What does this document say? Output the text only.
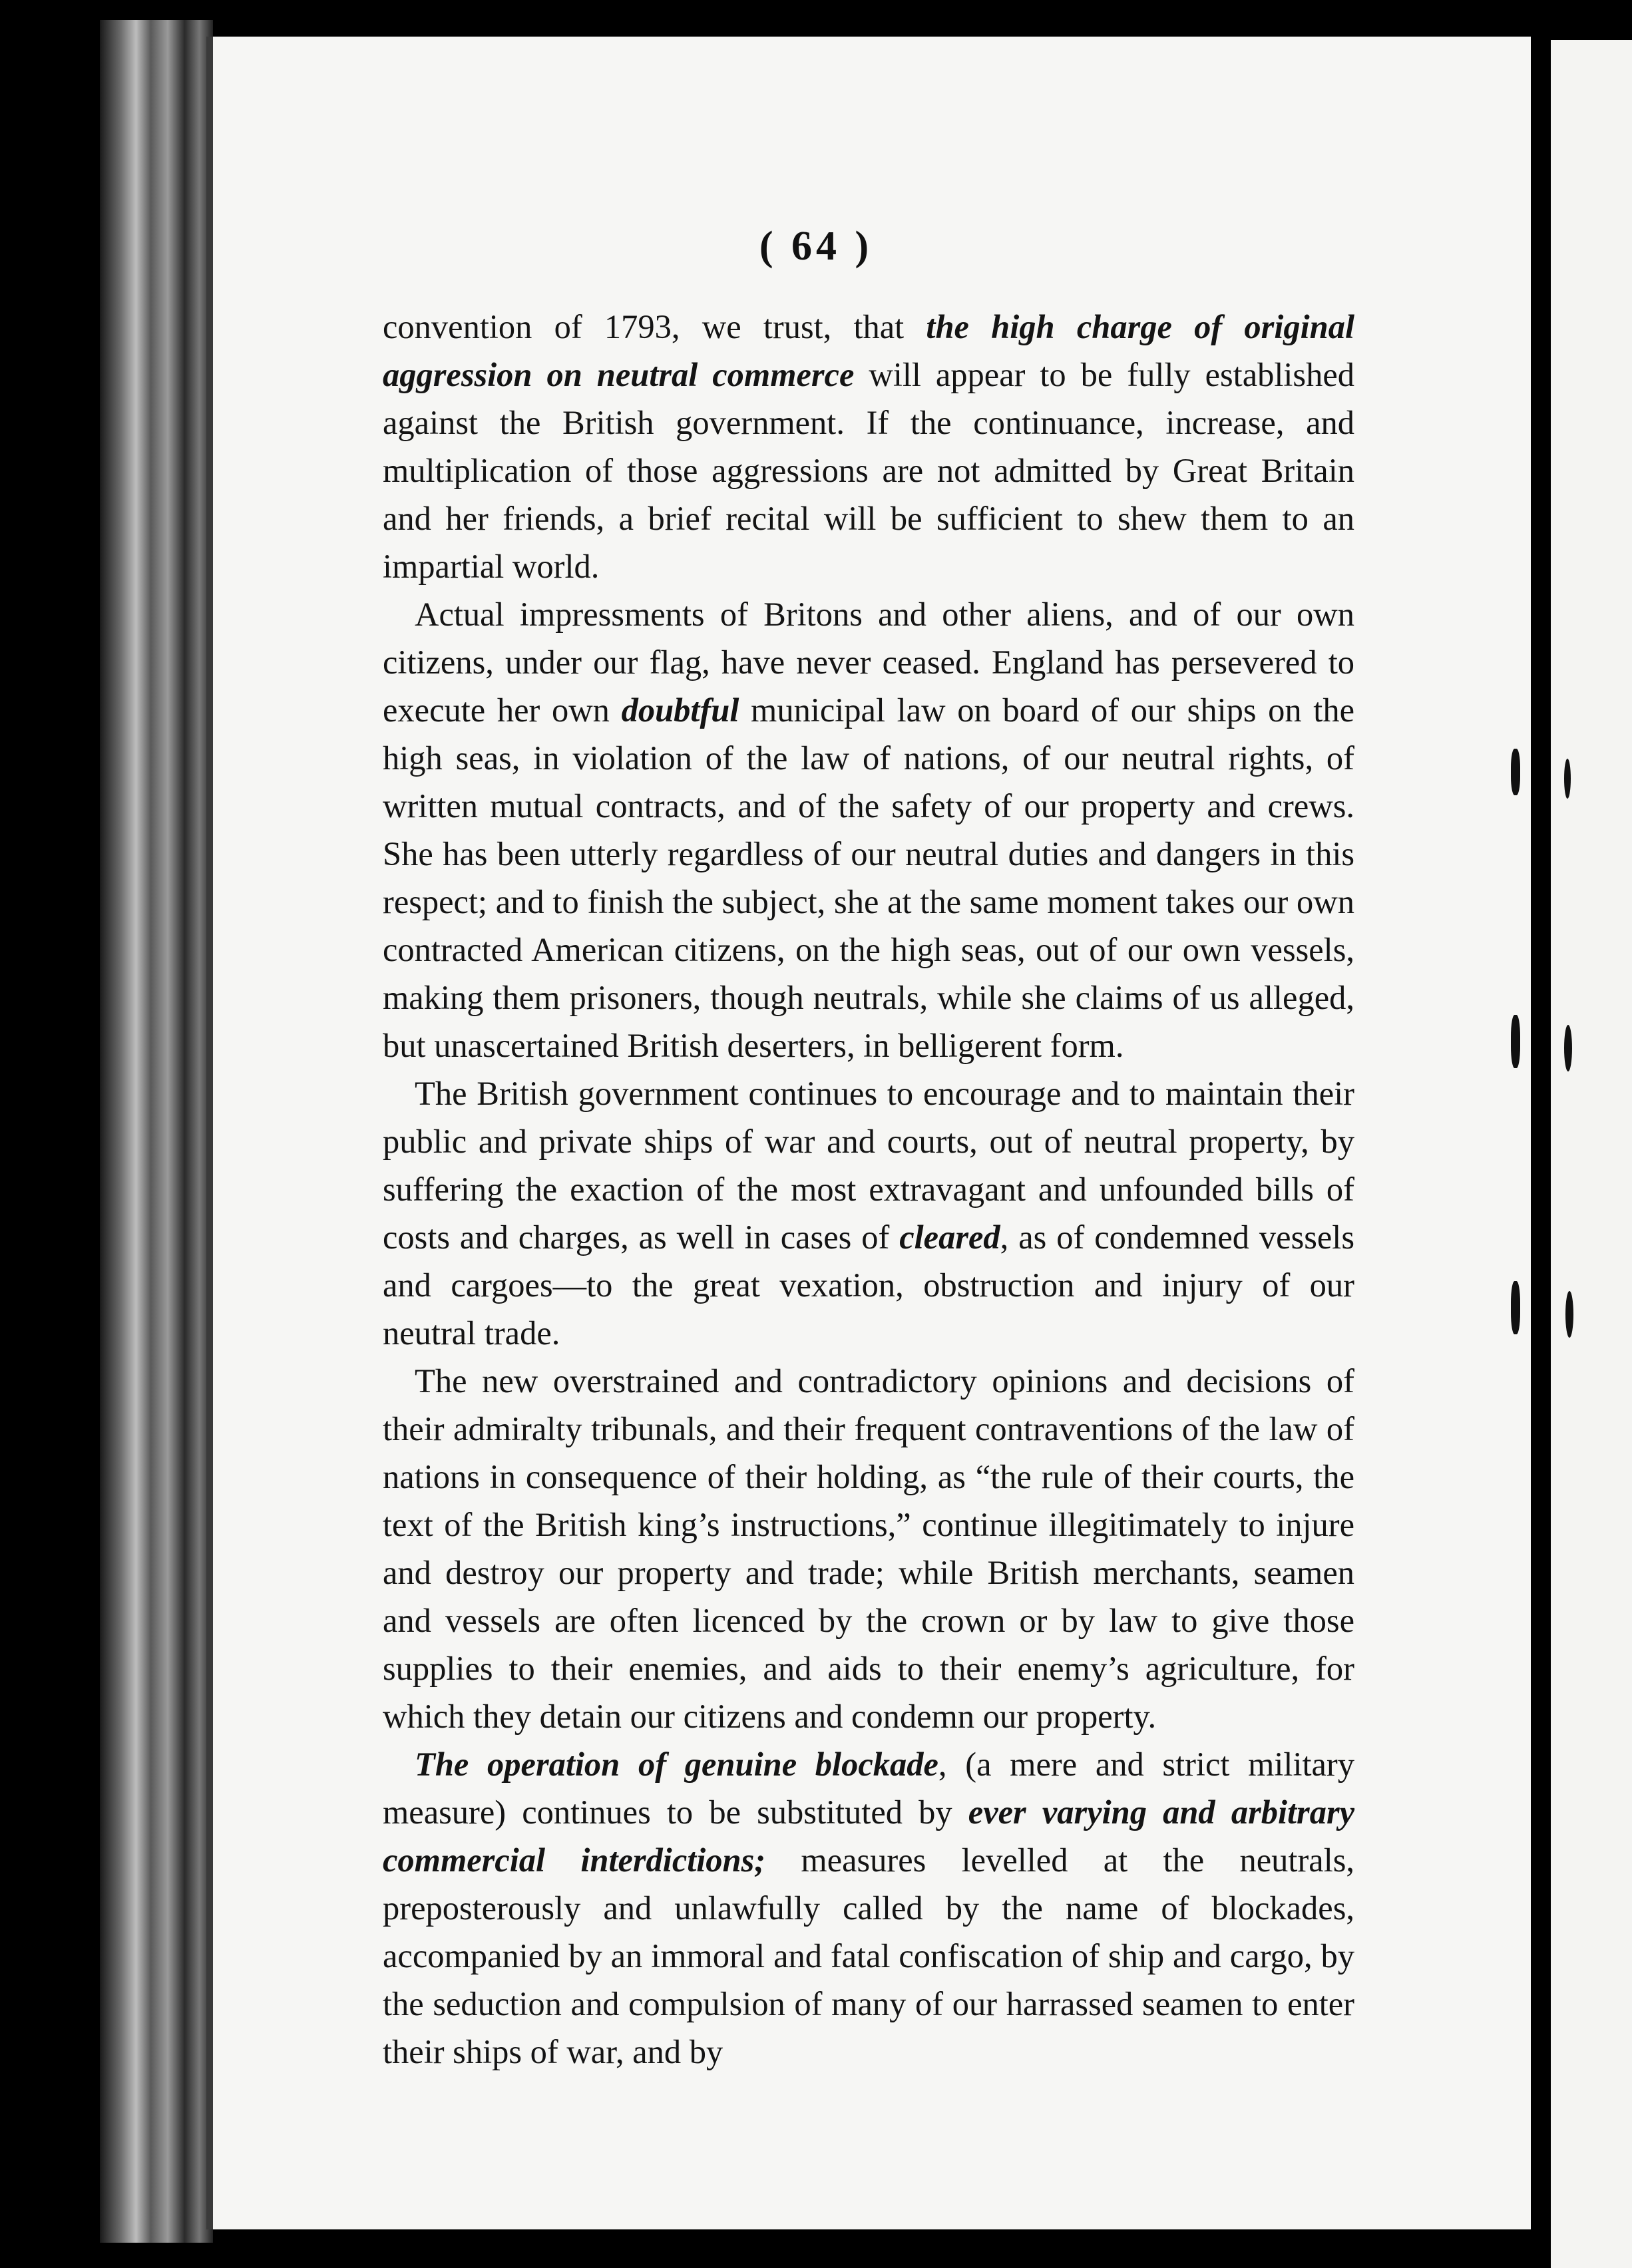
( 64 )

convention of 1793, we trust, that the high charge of original aggression on neutral commerce will appear to be fully established against the British government. If the continuance, increase, and multiplication of those aggressions are not admitted by Great Britain and her friends, a brief recital will be sufficient to shew them to an impartial world.

Actual impressments of Britons and other aliens, and of our own citizens, under our flag, have never ceased. England has persevered to execute her own doubtful municipal law on board of our ships on the high seas, in violation of the law of nations, of our neutral rights, of written mutual contracts, and of the safety of our property and crews. She has been utterly regardless of our neutral duties and dangers in this respect; and to finish the subject, she at the same moment takes our own contracted American citizens, on the high seas, out of our own vessels, making them prisoners, though neutrals, while she claims of us alleged, but unascertained British deserters, in belligerent form.

The British government continues to encourage and to maintain their public and private ships of war and courts, out of neutral property, by suffering the exaction of the most extravagant and unfounded bills of costs and charges, as well in cases of cleared, as of condemned vessels and cargoes—to the great vexation, obstruction and injury of our neutral trade.

The new overstrained and contradictory opinions and decisions of their admiralty tribunals, and their frequent contraventions of the law of nations in consequence of their holding, as “the rule of their courts, the text of the British king’s instructions,” continue illegitimately to injure and destroy our property and trade; while British merchants, seamen and vessels are often licenced by the crown or by law to give those supplies to their enemies, and aids to their enemy’s agriculture, for which they detain our citizens and condemn our property.

The operation of genuine blockade, (a mere and strict military measure) continues to be substituted by ever varying and arbitrary commercial interdictions; measures levelled at the neutrals, preposterously and unlawfully called by the name of blockades, accompanied by an immoral and fatal confiscation of ship and cargo, by the seduction and compulsion of many of our harrassed seamen to enter their ships of war, and by
